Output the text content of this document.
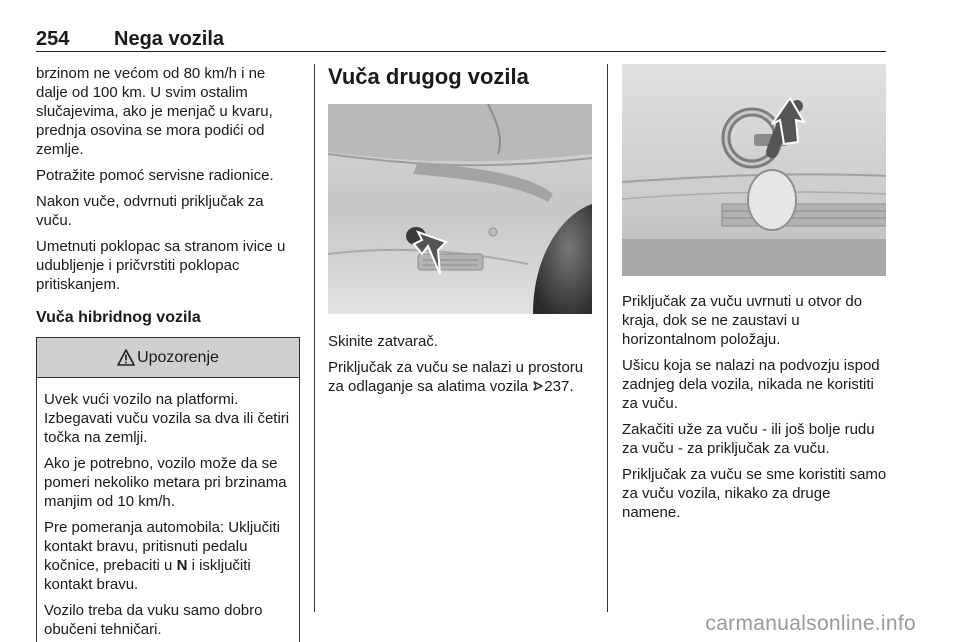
254 Nega vozila

brzinom ne većom od 80 km/h i ne dalje od 100 km. U svim ostalim slučajevima, ako je menjač u kvaru, prednja osovina se mora podići od zemlje.

Potražite pomoć servisne radionice.

Nakon vuče, odvrnuti priključak za vuču.

Umetnuti poklopac sa stranom ivice u udubljenje i pričvrstiti poklopac pritiskanjem.

Vuča hibridnog vozila
Upozorenje

Uvek vući vozilo na platformi. Izbegavati vuču vozila sa dva ili četiri točka na zemlji.

Ako je potrebno, vozilo može da se pomeri nekoliko metara pri brzinama manjim od 10 km/h.

Pre pomeranja automobila: Uključiti kontakt bravu, pritisnuti pedalu kočnice, prebaciti u N i isključiti kontakt bravu.

Vozilo treba da vuku samo dobro obučeni tehničari.

Vuča drugog vozila

Skinite zatvarač.

Priključak za vuču se nalazi u prostoru za odlaganje sa alatima vozila 237.

Priključak za vuču uvrnuti u otvor do kraja, dok se ne zaustavi u horizontalnom položaju.

Ušicu koja se nalazi na podvozju ispod zadnjeg dela vozila, nikada ne koristiti za vuču.

Zakačiti uže za vuču - ili još bolje rudu za vuču - za priključak za vuču.

Priključak za vuču se sme koristiti samo za vuču vozila, nikako za druge namene.

carmanualsonline.info
